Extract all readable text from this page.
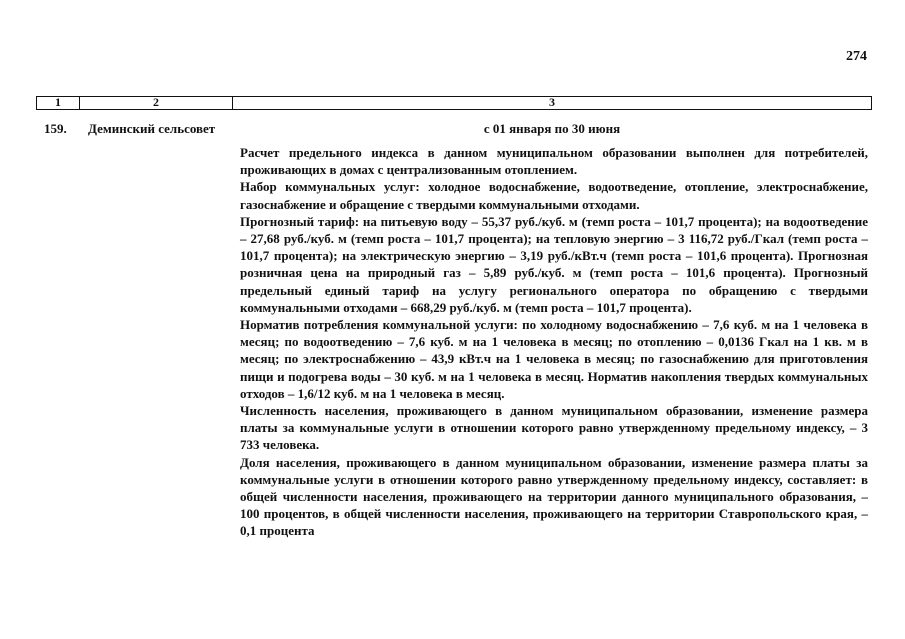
274
1	2	3
159. Деминский сельсовет	с 01 января по 30 июня

Расчет предельного индекса в данном муниципальном образовании выполнен для потребителей, проживающих в домах с централизованным отоплением.

Набор коммунальных услуг: холодное водоснабжение, водоотведение, отопление, электроснабжение, газоснабжение и обращение с твердыми коммунальными отходами.

Прогнозный тариф: на питьевую воду – 55,37 руб./куб. м (темп роста – 101,7 процента); на водоотведение – 27,68 руб./куб. м (темп роста – 101,7 процента); на тепловую энергию – 3 116,72 руб./Гкал (темп роста – 101,7 процента); на электрическую энергию – 3,19 руб./кВт.ч (темп роста – 101,6 процента). Прогнозная розничная цена на природный газ – 5,89 руб./куб. м (темп роста – 101,6 процента). Прогнозный предельный единый тариф на услугу регионального оператора по обращению с твердыми коммунальными отходами – 668,29 руб./куб. м (темп роста – 101,7 процента).

Норматив потребления коммунальной услуги: по холодному водоснабжению – 7,6 куб. м на 1 человека в месяц; по водоотведению – 7,6 куб. м на 1 человека в месяц; по отоплению – 0,0136 Гкал на 1 кв. м в месяц; по электроснабжению – 43,9 кВт.ч на 1 человека в месяц; по газоснабжению для приготовления пищи и подогрева воды – 30 куб. м на 1 человека в месяц. Норматив накопления твердых коммунальных отходов – 1,6/12 куб. м на 1 человека в месяц.

Численность населения, проживающего в данном муниципальном образовании, изменение размера платы за коммунальные услуги в отношении которого равно утвержденному предельному индексу, – 3 733 человека.

Доля населения, проживающего в данном муниципальном образовании, изменение размера платы за коммунальные услуги в отношении которого равно утвержденному предельному индексу, составляет: в общей численности населения, проживающего на территории данного муниципального образования, – 100 процентов, в общей численности населения, проживающего на территории Ставропольского края, – 0,1 процента
